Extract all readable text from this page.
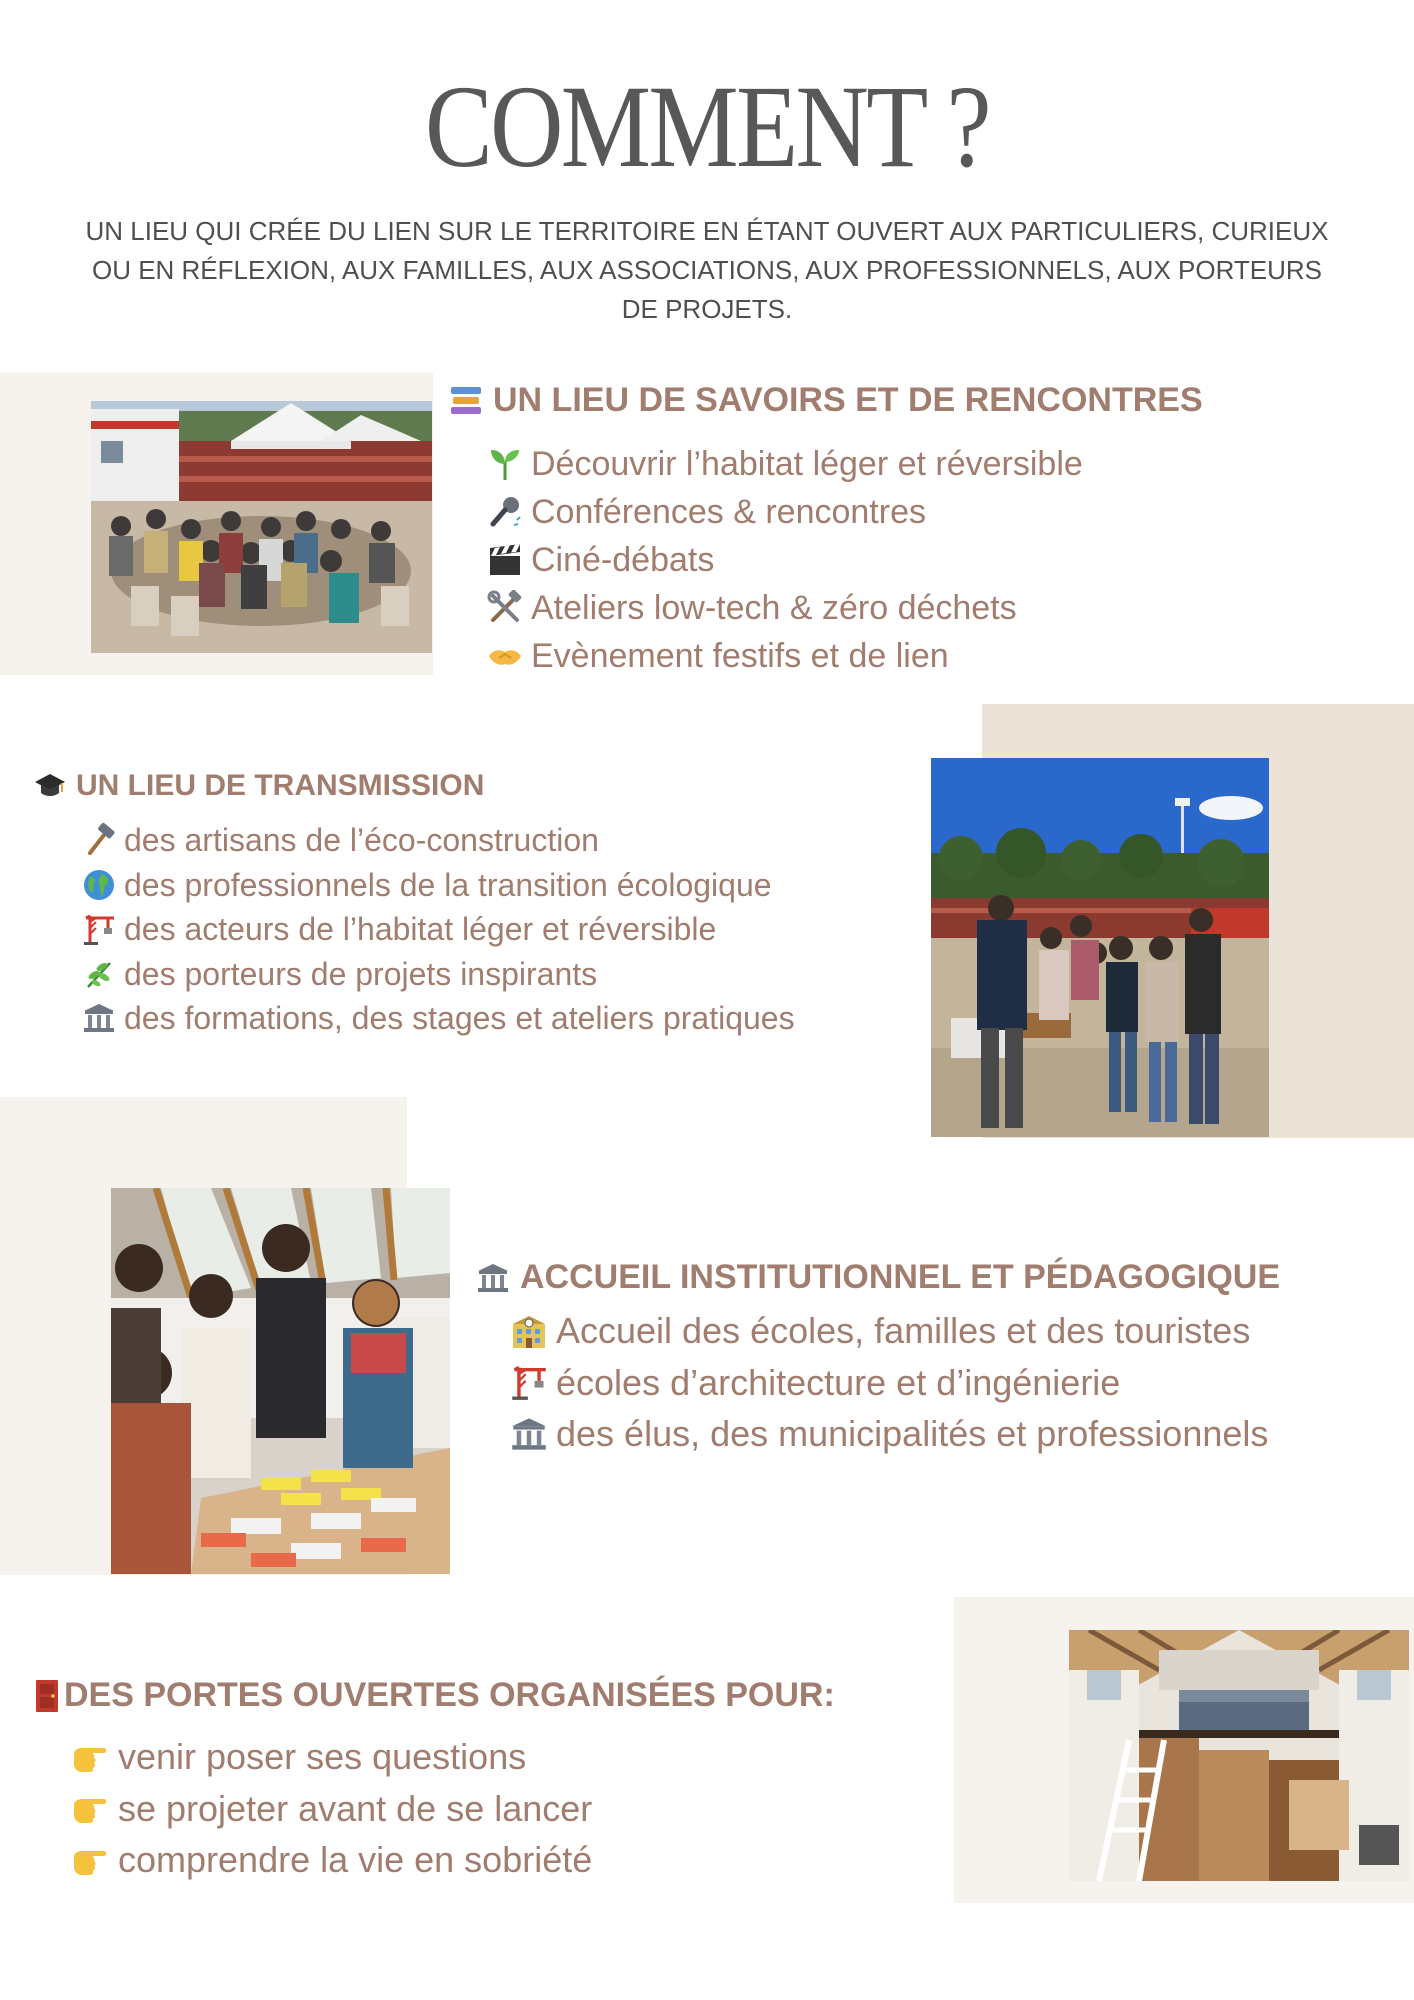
COMMENT ?
UN LIEU QUI CRÉE DU LIEN SUR LE TERRITOIRE EN ÉTANT OUVERT AUX PARTICULIERS, CURIEUX OU EN RÉFLEXION, AUX FAMILLES, AUX ASSOCIATIONS, AUX PROFESSIONNELS, AUX PORTEURS DE PROJETS.
UN LIEU DE SAVOIRS ET DE RENCONTRES
Découvrir l’habitat léger et réversible
Conférences & rencontres
Ciné-débats
Ateliers low-tech & zéro déchets
Evènement festifs et de lien
UN LIEU DE TRANSMISSION
des artisans de l’éco-construction
des professionnels de la transition écologique
des acteurs de l’habitat léger et réversible
des porteurs de projets inspirants
des formations, des stages et ateliers pratiques
ACCUEIL INSTITUTIONNEL ET PÉDAGOGIQUE
Accueil des écoles, familles et des touristes
écoles d’architecture et d’ingénierie
des élus, des municipalités et professionnels
DES PORTES OUVERTES ORGANISÉES POUR:
venir poser ses questions
se projeter avant de se lancer
comprendre la vie en sobriété
